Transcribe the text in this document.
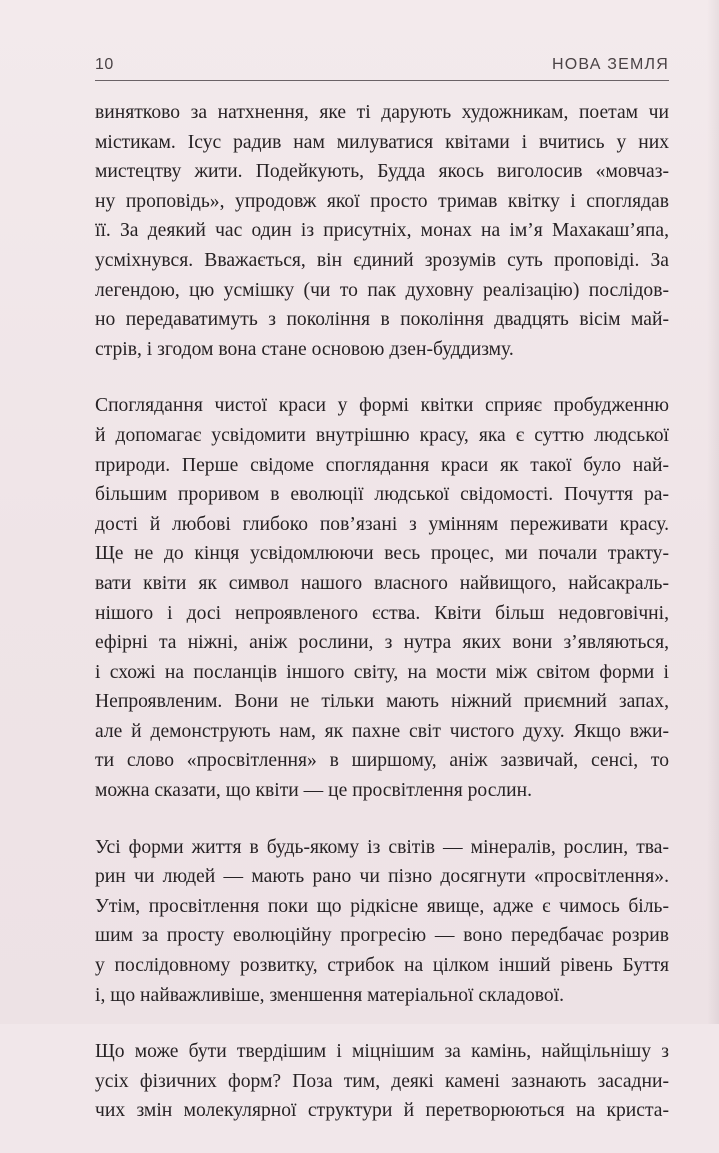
10	НОВА ЗЕМЛЯ
винятково за натхнення, яке ті дарують художникам, поетам чи
містикам. Ісус радив нам милуватися квітами і вчитись у них
мистецтву жити. Подейкують, Будда якось виголосив «мовчаз-
ну проповідь», упродовж якої просто тримав квітку і споглядав
її. За деякий час один із присутніх, монах на ім’я Махакаш’япа,
усміхнувся. Вважається, він єдиний зрозумів суть проповіді. За
легендою, цю усмішку (чи то пак духовну реалізацію) послідов-
но передаватимуть з покоління в покоління двадцять вісім май-
стрів, і згодом вона стане основою дзен-буддизму.
Споглядання чистої краси у формі квітки сприяє пробудженню
й допомагає усвідомити внутрішню красу, яка є суттю людської
природи. Перше свідоме споглядання краси як такої було най-
більшим проривом в еволюції людської свідомості. Почуття ра-
дості й любові глибоко пов’язані з умінням переживати красу.
Ще не до кінця усвідомлюючи весь процес, ми почали тракту-
вати квіти як символ нашого власного найвищого, найсакраль-
нішого і досі непроявленого єства. Квіти більш недовговічні,
ефірні та ніжні, аніж рослини, з нутра яких вони з’являються,
і схожі на посланців іншого світу, на мости між світом форми і
Непроявленим. Вони не тільки мають ніжний приємний запах,
але й демонструють нам, як пахне світ чистого духу. Якщо вжи-
ти слово «просвітлення» в ширшому, аніж зазвичай, сенсі, то
можна сказати, що квіти — це просвітлення рослин.
Усі форми життя в будь-якому із світів — мінералів, рослин, тва-
рин чи людей — мають рано чи пізно досягнути «просвітлення».
Утім, просвітлення поки що рідкісне явище, адже є чимось біль-
шим за просту еволюційну прогресію — воно передбачає розрив
у послідовному розвитку, стрибок на цілком інший рівень Буття
і, що найважливіше, зменшення матеріальної складової.
Що може бути твердішим і міцнішим за камінь, найщільнішу з
усіх фізичних форм? Поза тим, деякі камені зазнають засадни-
чих змін молекулярної структури й перетворюються на криста-
